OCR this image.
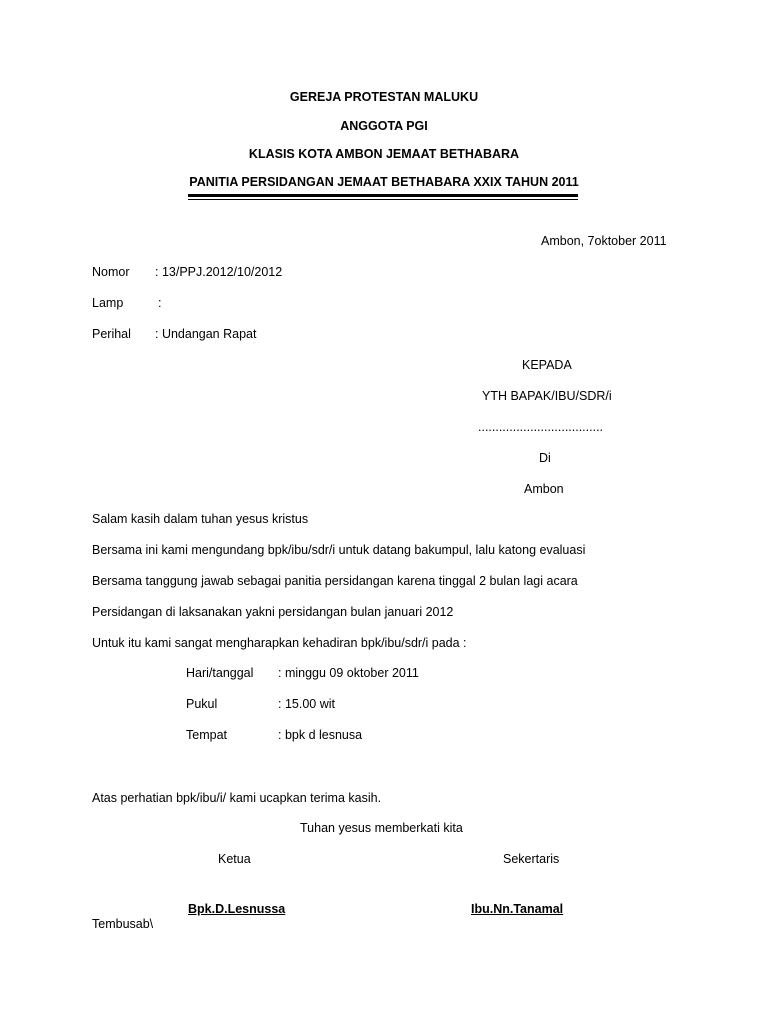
GEREJA PROTESTAN MALUKU
ANGGOTA PGI
KLASIS KOTA AMBON JEMAAT BETHABARA
PANITIA PERSIDANGAN JEMAAT BETHABARA XXIX TAHUN 2011
Ambon, 7oktober 2011
Nomor : 13/PPJ.2012/10/2012
Lamp	:
Perihal : Undangan Rapat
KEPADA
YTH BAPAK/IBU/SDR/i
....................................
Di
Ambon
Salam kasih dalam tuhan yesus kristus
Bersama ini kami mengundang bpk/ibu/sdr/i untuk datang bakumpul, lalu katong evaluasi
Bersama tanggung jawab sebagai panitia persidangan karena tinggal 2 bulan lagi acara
Persidangan di laksanakan yakni persidangan bulan januari 2012
Untuk itu kami sangat mengharapkan kehadiran bpk/ibu/sdr/i pada :
Hari/tanggal : minggu 09 oktober 2011
Pukul	: 15.00 wit
Tempat	: bpk d lesnusa
Atas perhatian bpk/ibu/i/ kami ucapkan terima kasih.
Tuhan yesus memberkati kita
Ketua	Sekertaris
Bpk.D.Lesnussa	Ibu.Nn.Tanamal
Tembusab\
